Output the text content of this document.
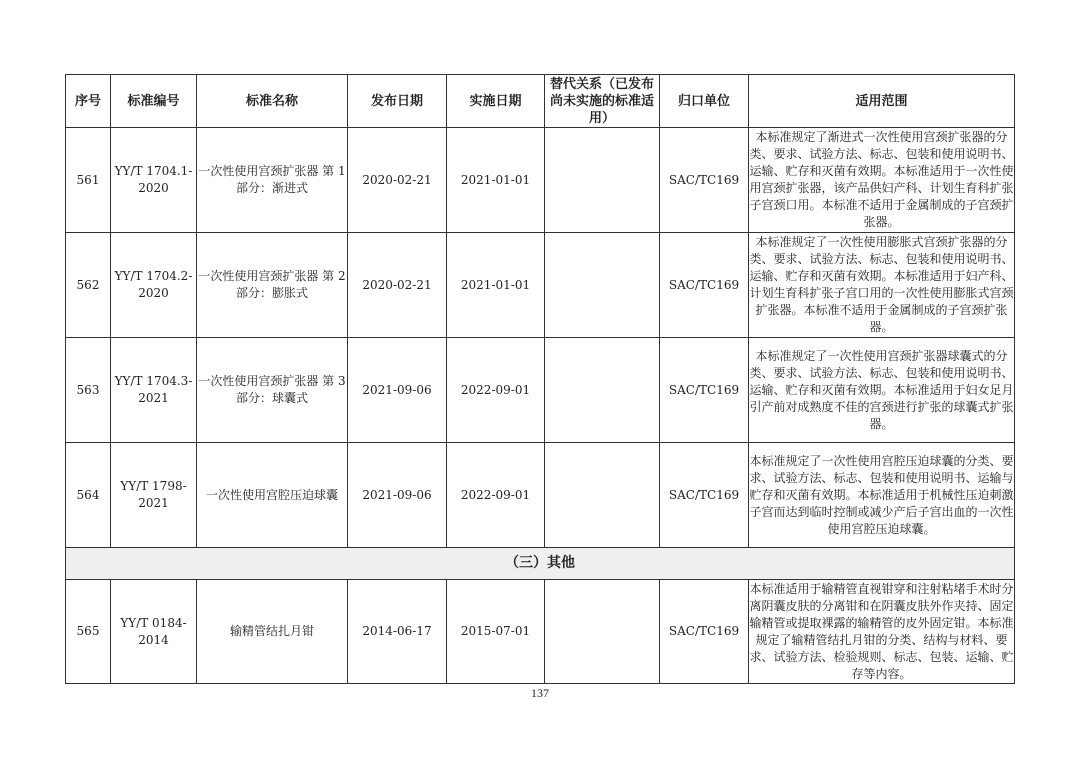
序号	标准编号	标准名称	发布日期	实施日期	替代关系（已发布尚未实施的标准适用）	归口单位	适用范围
561	YY/T 1704.1-2020	一次性使用宫颈扩张器 第 1 部分：渐进式	2020-02-21	2021-01-01		SAC/TC169	本标准规定了渐进式一次性使用宫颈扩张器的分类、要求、试验方法、标志、包装和使用说明书、运输、贮存和灭菌有效期。本标准适用于一次性使用宫颈扩张器，该产品供妇产科、计划生育科扩张子宫颈口用。本标准不适用于金属制成的子宫颈扩张器。
562	YY/T 1704.2-2020	一次性使用宫颈扩张器 第 2 部分：膨胀式	2020-02-21	2021-01-01		SAC/TC169	本标准规定了一次性使用膨胀式宫颈扩张器的分类、要求、试验方法、标志、包装和使用说明书、运输、贮存和灭菌有效期。本标准适用于妇产科、计划生育科扩张子宫口用的一次性使用膨胀式宫颈扩张器。本标准不适用于金属制成的子宫颈扩张器。
563	YY/T 1704.3-2021	一次性使用宫颈扩张器 第 3 部分：球囊式	2021-09-06	2022-09-01		SAC/TC169	本标准规定了一次性使用宫颈扩张器球囊式的分类、要求、试验方法、标志、包装和使用说明书、运输、贮存和灭菌有效期。本标准适用于妇女足月引产前对成熟度不佳的宫颈进行扩张的球囊式扩张器。
564	YY/T 1798-2021	一次性使用宫腔压迫球囊	2021-09-06	2022-09-01		SAC/TC169	本标准规定了一次性使用宫腔压迫球囊的分类、要求、试验方法、标志、包装和使用说明书、运输与贮存和灭菌有效期。本标准适用于机械性压迫刺激子宫而达到临时控制或减少产后子宫出血的一次性使用宫腔压迫球囊。
（三）其他							
565	YY/T 0184-2014	输精管结扎月钳	2014-06-17	2015-07-01		SAC/TC169	本标准适用于输精管直视钳穿和注射粘堵手术时分离阴囊皮肤的分离钳和在阴囊皮肤外作夹持、固定输精管或提取裸露的输精管的皮外固定钳。本标准规定了输精管结扎月钳的分类、结构与材料、要求、试验方法、检验规则、标志、包装、运输、贮存等内容。
137
